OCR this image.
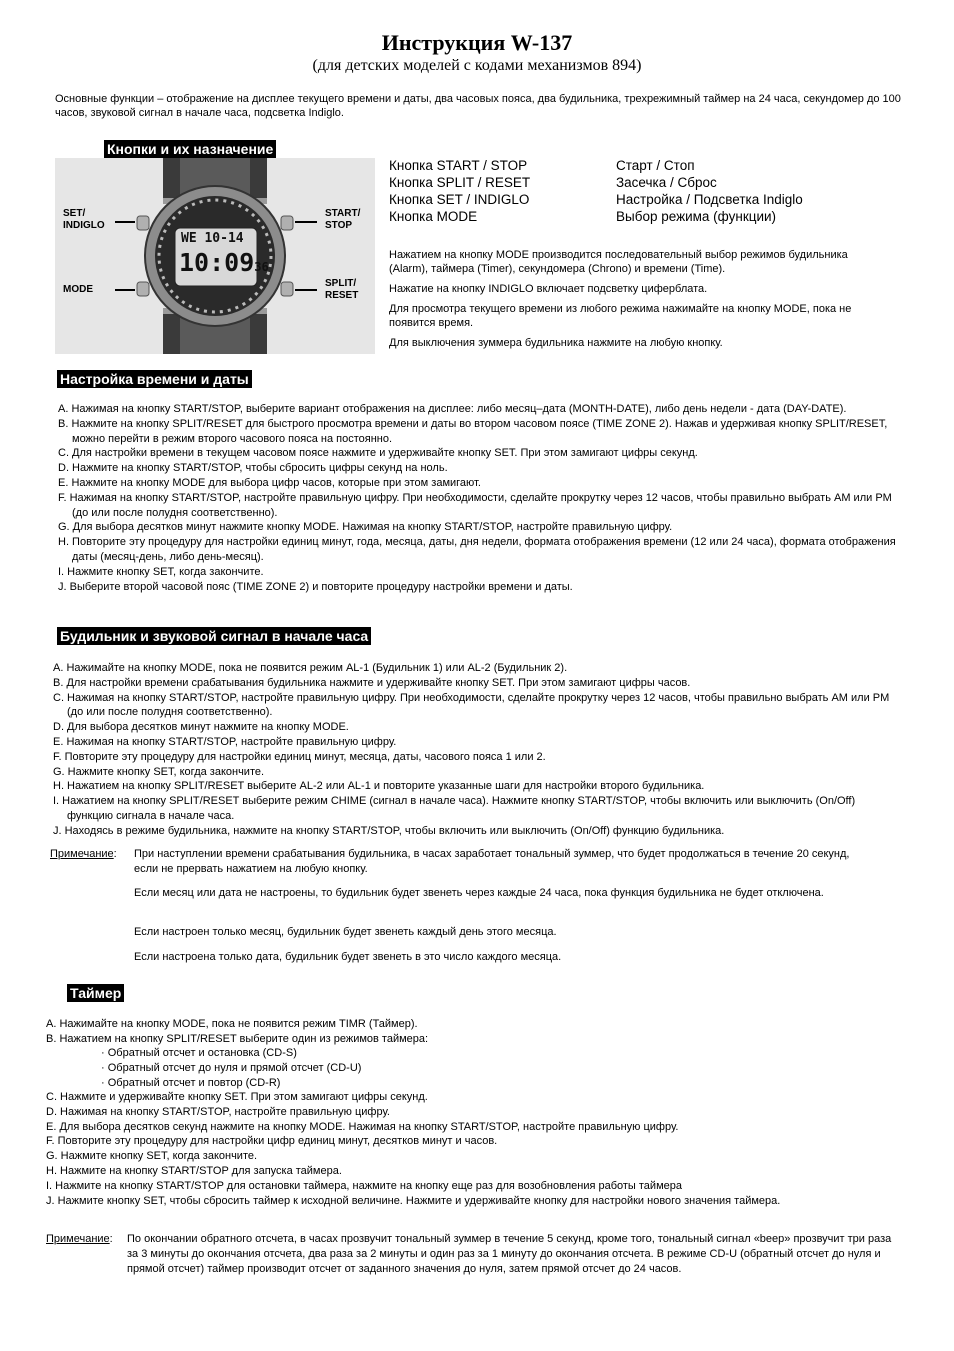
Инструкция W-137
(для детских моделей с кодами механизмов 894)
Основные функции – отображение на дисплее текущего времени и даты, два часовых пояса, два будильника, трехрежимный таймер на 24 часа, секундомер до 100 часов, звуковой сигнал в начале часа, подсветка Indiglo.
Кнопки и их назначение
SET/
INDIGLO
MODE
START/
STOP
SPLIT/
RESET
WE 10-14
10:0936
Кнопка START / STOP	Старт / Стоп
Кнопка SPLIT / RESET	Засечка / Сброс
Кнопка SET / INDIGLO	Настройка / Подсветка Indiglo
Кнопка MODE	Выбор режима (функции)

Нажатием на кнопку MODE производится последовательный выбор режимов будильника (Alarm), таймера (Timer), секундомера (Chrono) и времени (Time).

Нажатие на кнопку INDIGLO включает подсветку циферблата.

Для просмотра текущего времени из любого режима нажимайте на кнопку MODE, пока не появится время.

Для выключения зуммера будильника нажмите на любую кнопку.

Настройка времени и даты
A. Нажимая на кнопку START/STOP, выберите вариант отображения на дисплее: либо месяц–дата (MONTH-DATE), либо день недели - дата (DAY-DATE).
B. Нажмите на кнопку SPLIT/RESET для быстрого просмотра времени и даты во втором часовом поясе (TIME ZONE 2). Нажав и удерживая кнопку SPLIT/RESET, можно перейти в режим второго часового пояса на постоянно.
C. Для настройки времени в текущем часовом поясе нажмите и удерживайте кнопку SET. При этом замигают цифры секунд.
D. Нажмите на кнопку START/STOP, чтобы сбросить цифры секунд на ноль.
E. Нажмите на кнопку MODE для выбора цифр часов, которые при этом замигают.
F. Нажимая на кнопку START/STOP, настройте правильную цифру. При необходимости, сделайте прокрутку через 12 часов, чтобы правильно выбрать AM или PM (до или после полудня соответственно).
G. Для выбора десятков минут нажмите кнопку MODE. Нажимая на кнопку START/STOP, настройте правильную цифру.
H. Повторите эту процедуру для настройки единиц минут, года, месяца, даты, дня недели, формата отображения времени (12 или 24 часа), формата отображения даты (месяц-день, либо день-месяц).
I. Нажмите кнопку SET, когда закончите.
J. Выберите второй часовой пояс (TIME ZONE 2) и повторите процедуру настройки времени и даты.
Будильник и звуковой сигнал в начале часа
A. Нажимайте на кнопку MODE, пока не появится режим AL-1 (Будильник 1) или AL-2 (Будильник 2).
B. Для настройки времени срабатывания будильника нажмите и удерживайте кнопку SET. При этом замигают цифры часов.
C. Нажимая на кнопку START/STOP, настройте правильную цифру. При необходимости, сделайте прокрутку через 12 часов, чтобы правильно выбрать AM или PM (до или после полудня соответственно).
D. Для выбора десятков минут нажмите на кнопку MODE.
E. Нажимая на кнопку START/STOP, настройте правильную цифру.
F. Повторите эту процедуру для настройки единиц минут, месяца, даты, часового пояса 1 или 2.
G. Нажмите кнопку SET, когда закончите.
H. Нажатием на кнопку SPLIT/RESET выберите AL-2 или AL-1 и повторите указанные шаги для настройки второго будильника.
I. Нажатием на кнопку SPLIT/RESET выберите режим CHIME (сигнал в начале часа). Нажмите кнопку START/STOP, чтобы включить или выключить (On/Off) функцию сигнала в начале часа.
J. Находясь в режиме будильника, нажмите на кнопку START/STOP, чтобы включить или выключить (On/Off) функцию будильника.
Примечание:	При наступлении времени срабатывания будильника, в часах заработает тональный зуммер, что будет продолжаться в течение 20 секунд, если не прервать нажатием на любую кнопку.
Если месяц или дата не настроены, то будильник будет звенеть через каждые 24 часа, пока функция будильника не будет отключена.
Если настроен только месяц, будильник будет звенеть каждый день этого месяца.
Если настроена только дата, будильник будет звенеть в это число каждого месяца.
Таймер
A. Нажимайте на кнопку MODE, пока не появится режим TIMR (Таймер).
B. Нажатием на кнопку SPLIT/RESET выберите один из режимов таймера:
· Обратный отсчет и остановка (CD-S)
· Обратный отсчет до нуля и прямой отсчет (CD-U)
· Обратный отсчет и повтор (CD-R)
C. Нажмите и удерживайте кнопку SET. При этом замигают цифры секунд.
D. Нажимая на кнопку START/STOP, настройте правильную цифру.
E. Для выбора десятков секунд нажмите на кнопку MODE. Нажимая на кнопку START/STOP, настройте правильную цифру.
F. Повторите эту процедуру для настройки цифр единиц минут, десятков минут и часов.
G. Нажмите кнопку SET, когда закончите.
H. Нажмите на кнопку START/STOP для запуска таймера.
I. Нажмите на кнопку START/STOP для остановки таймера, нажмите на кнопку еще раз для возобновления работы таймера
J. Нажмите кнопку SET, чтобы сбросить таймер к исходной величине. Нажмите и удерживайте кнопку для настройки нового значения таймера.
Примечание:	По окончании обратного отсчета, в часах прозвучит тональный зуммер в течение 5 секунд, кроме того, тональный сигнал «beep» прозвучит три раза за 3 минуты до окончания отсчета, два раза за 2 минуты и один раз за 1 минуту до окончания отсчета. В режиме CD-U (обратный отсчет до нуля и прямой отсчет) таймер производит отсчет от заданного значения до нуля, затем прямой отсчет до 24 часов.
